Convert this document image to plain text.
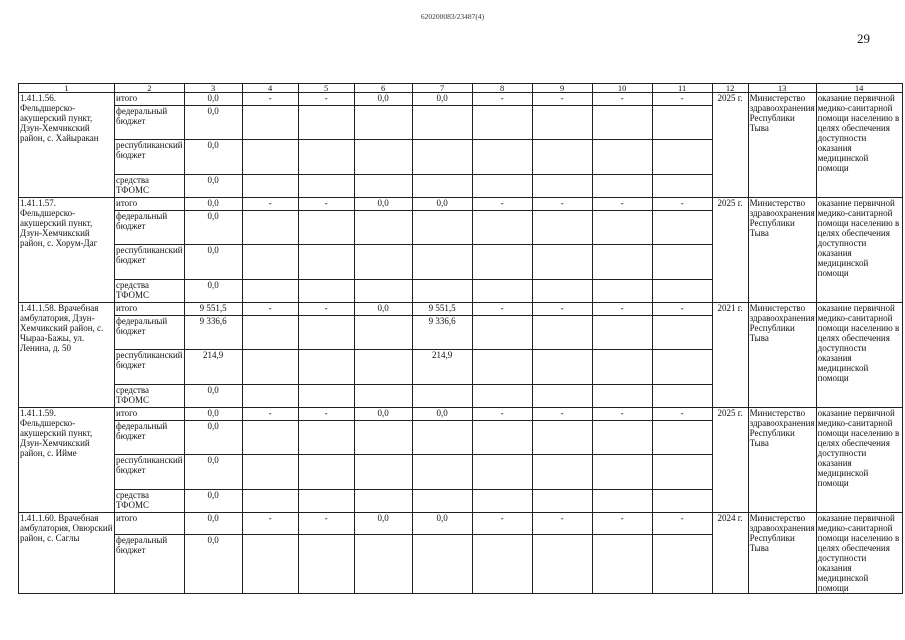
620200083/23487(4)
29
1	2	3	4	5	6	7	8	9	10	11	12	13	14
1.41.1.56. Фельдшерско-акушерский пункт, Дзун-Хемчикский район, с. Хайыракан	итого	0,0	-	-	0,0	0,0	-	-	-	-	2025 г.	Министерство здравоохранения Республики Тыва	оказание первичной медико-санитарной помощи населению в целях обеспечения доступности оказания медицинской помощи
	федеральный бюджет	0,0											
	республиканский бюджет	0,0											
	средства ТФОМС	0,0											
1.41.1.57. Фельдшерско-акушерский пункт, Дзун-Хемчикский район, с. Хорум-Даг	итого	0,0	-	-	0,0	0,0	-	-	-	-	2025 г.	Министерство здравоохранения Республики Тыва	оказание первичной медико-санитарной помощи населению в целях обеспечения доступности оказания медицинской помощи
	федеральный бюджет	0,0											
	республиканский бюджет	0,0											
	средства ТФОМС	0,0											
1.41.1.58. Врачебная амбулатория, Дзун-Хемчикский район, с. Чыраа-Бажы, ул. Ленина, д. 50	итого	9 551,5	-	-	0,0	9 551,5	-	-	-	-	2021 г.	Министерство здравоохранения Республики Тыва	оказание первичной медико-санитарной помощи населению в целях обеспечения доступности оказания медицинской помощи
	федеральный бюджет	9 336,6				9 336,6							
	республиканский бюджет	214,9				214,9							
	средства ТФОМС	0,0											
1.41.1.59. Фельдшерско-акушерский пункт, Дзун-Хемчикский район, с. Ийме	итого	0,0	-	-	0,0	0,0	-	-	-	-	2025 г.	Министерство здравоохранения Республики Тыва	оказание первичной медико-санитарной помощи населению в целях обеспечения доступности оказания медицинской помощи
	федеральный бюджет	0,0											
	республиканский бюджет	0,0											
	средства ТФОМС	0,0											
1.41.1.60. Врачебная амбулатория, Овюрский район, с. Саглы	итого	0,0	-	-	0,0	0,0	-	-	-	-	2024 г.	Министерство здравоохранения Республики Тыва	оказание первичной медико-санитарной помощи населению в целях обеспечения доступности оказания медицинской помощи
	федеральный бюджет	0,0											
